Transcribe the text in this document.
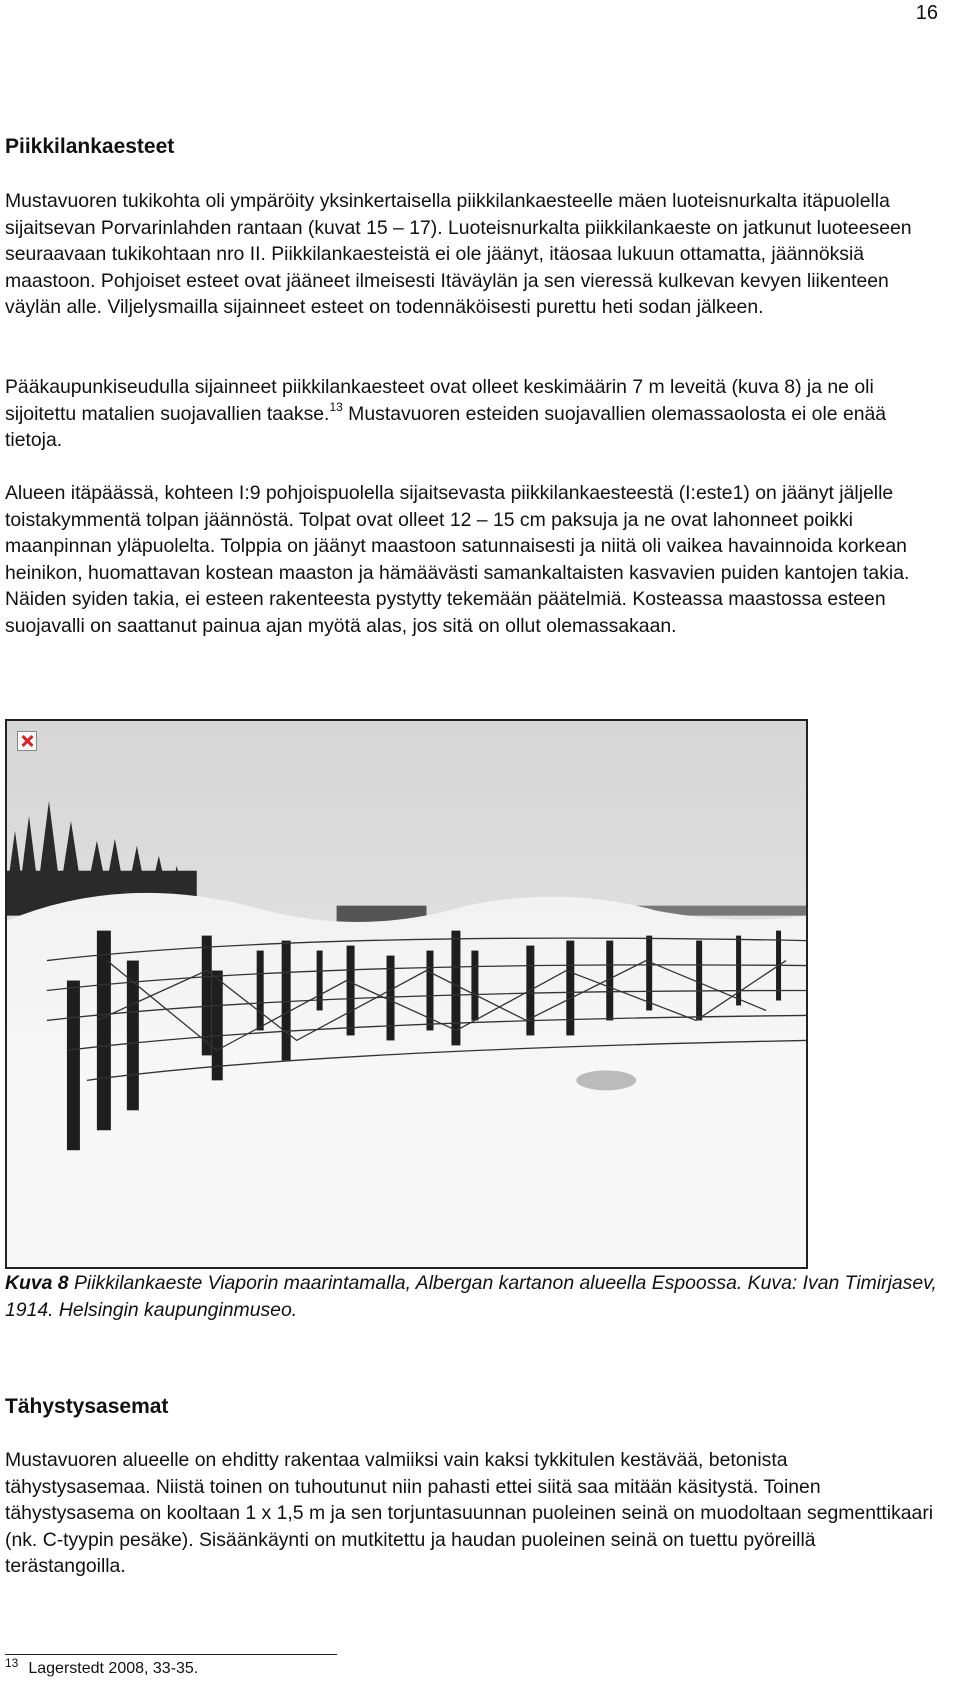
16
Piikkilankaesteet

Mustavuoren tukikohta oli ympäröity yksinkertaisella piikkilankaesteelle mäen luoteisnurkalta itäpuolella sijaitsevan Porvarinlahden rantaan (kuvat 15 – 17). Luoteisnurkalta piikkilankaeste on jatkunut luoteeseen seuraavaan tukikohtaan nro II. Piikkilankaesteistä ei ole jäänyt, itäosaa lukuun ottamatta, jäännöksiä maastoon. Pohjoiset esteet ovat jääneet ilmeisesti Itäväylän ja sen vieressä kulkevan kevyen liikenteen väylän alle. Viljelysmailla sijainneet esteet on todennäköisesti purettu heti sodan jälkeen.

Pääkaupunkiseudulla sijainneet piikkilankaesteet ovat olleet keskimäärin 7 m leveitä (kuva 8) ja ne oli sijoitettu matalien suojavallien taakse.$^{13}$ Mustavuoren esteiden suojavallien olemassaolosta ei ole enää tietoja.

Alueen itäpäässä, kohteen I:9 pohjoispuolella sijaitsevasta piikkilankaesteestä (I:este1) on jäänyt jäljelle toistakymmentä tolpan jäännöstä. Tolpat ovat olleet 12 – 15 cm paksuja ja ne ovat lahonneet poikki maanpinnan yläpuolelta. Tolppia on jäänyt maastoon satunnaisesti ja niitä oli vaikea havainnoida korkean heinikon, huomattavan kostean maaston ja hämäävästi samankaltaisten kasvavien puiden kantojen takia. Näiden syiden takia, ei esteen rakenteesta pystytty tekemään päätelmiä. Kosteassa maastossa esteen suojavalli on saattanut painua ajan myötä alas, jos sitä on ollut olemassakaan.

Kuva 8 Piikkilankaeste Viaporin maarintamalla, Albergan kartanon alueella Espoossa. Kuva: Ivan Timirjasev, 1914. Helsingin kaupunginmuseo.

Tähystysasemat

Mustavuoren alueelle on ehditty rakentaa valmiiksi vain kaksi tykkitulen kestävää, betonista tähystysasemaa. Niistä toinen on tuhoutunut niin pahasti ettei siitä saa mitään käsitystä. Toinen tähystysasema on kooltaan 1 x 1,5 m ja sen torjuntasuunnan puoleinen seinä on muodoltaan segmenttikaari (nk. C-tyypin pesäke). Sisäänkäynti on mutkitettu ja haudan puoleinen seinä on tuettu pyöreillä terästangoilla.

$^{13}$ Lagerstedt 2008, 33-35.
